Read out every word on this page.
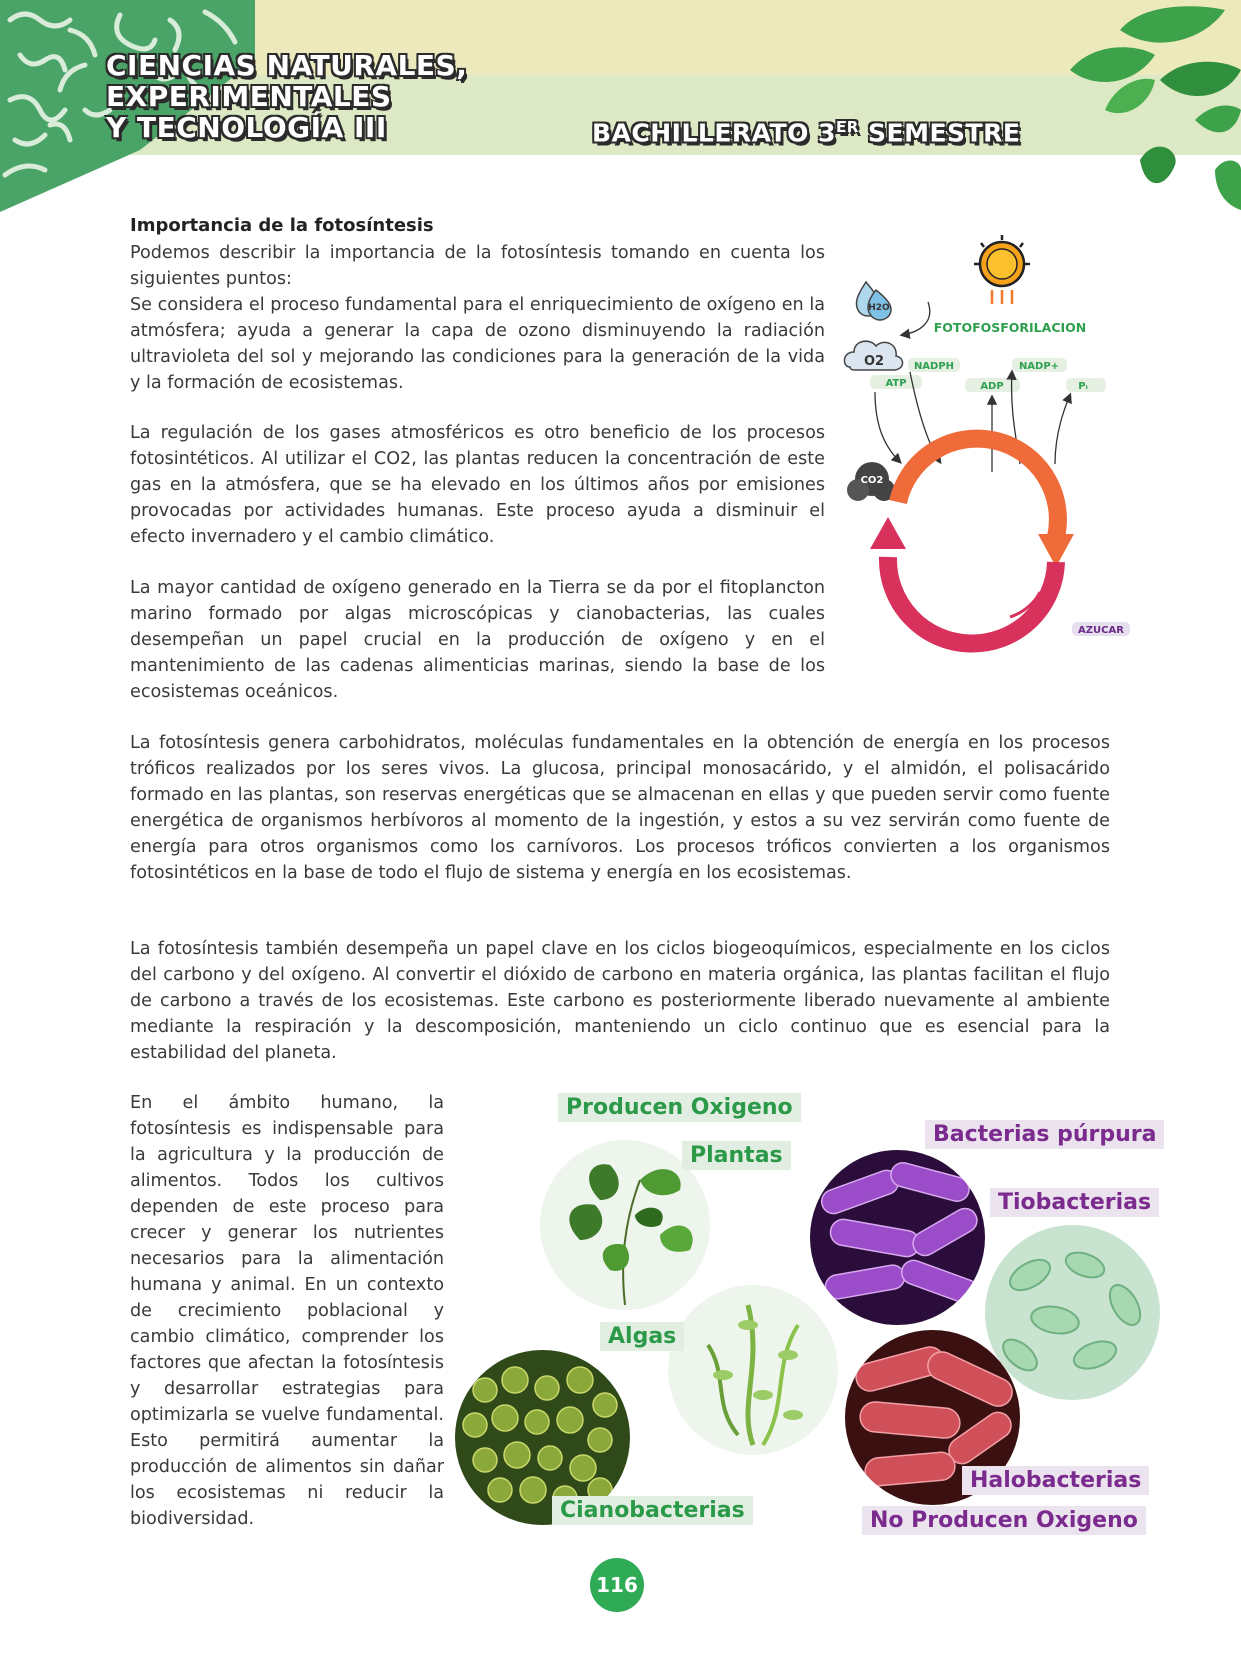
CIENCIAS NATURALES,
EXPERIMENTALES
Y TECNOLOGÍA III	BACHILLERATO 3ER SEMESTRE

Importancia de la fotosíntesis

Podemos describir la importancia de la fotosíntesis tomando en cuenta los siguientes puntos:

Se considera el proceso fundamental para el enriquecimiento de oxígeno en la atmósfera; ayuda a generar la capa de ozono disminuyendo la radiación ultravioleta del sol y mejorando las condiciones para la generación de la vida y la formación de ecosistemas.

La regulación de los gases atmosféricos es otro beneficio de los procesos fotosintéticos. Al utilizar el CO2, las plantas reducen la concentración de este gas en la atmósfera, que se ha elevado en los últimos años por emisiones provocadas por actividades humanas. Este proceso ayuda a disminuir el efecto invernadero y el cambio climático.

La mayor cantidad de oxígeno generado en la Tierra se da por el fitoplancton marino formado por algas microscópicas y cianobacterias, las cuales desempeñan un papel crucial en la producción de oxígeno y en el mantenimiento de las cadenas alimenticias marinas, siendo la base de los ecosistemas oceánicos.

La fotosíntesis genera carbohidratos, moléculas fundamentales en la obtención de energía en los procesos tróficos realizados por los seres vivos. La glucosa, principal monosacárido, y el almidón, el polisacárido formado en las plantas, son reservas energéticas que se almacenan en ellas y que pueden servir como fuente energética de organismos herbívoros al momento de la ingestión, y estos a su vez servirán como fuente de energía para otros organismos como los carnívoros. Los procesos tróficos convierten a los organismos fotosintéticos en la base de todo el flujo de sistema y energía en los ecosistemas.

La fotosíntesis también desempeña un papel clave en los ciclos biogeoquímicos, especialmente en los ciclos del carbono y del oxígeno. Al convertir el dióxido de carbono en materia orgánica, las plantas facilitan el flujo de carbono a través de los ecosistemas. Este carbono es posteriormente liberado nuevamente al ambiente mediante la respiración y la descomposición, manteniendo un ciclo continuo que es esencial para la estabilidad del planeta.

En el ámbito humano, la fotosíntesis es indispensable para la agricultura y la producción de alimentos. Todos los cultivos dependen de este proceso para crecer y generar los nutrientes necesarios para la alimentación humana y animal. En un contexto de crecimiento poblacional y cambio climático, comprender los factores que afectan la fotosíntesis y desarrollar estrategias para optimizarla se vuelve fundamental. Esto permitirá aumentar la producción de alimentos sin dañar los ecosistemas ni reducir la biodiversidad.

H2O
O2
FOTOFOSFORILACION
ATP
NADPH
ADP
NADP+
Pᵢ
CO2
AZUCAR
Producen Oxigeno
Plantas
Algas
Cianobacterias
Bacterias púrpura
Tiobacterias
Halobacterias
No Producen Oxigeno
116
